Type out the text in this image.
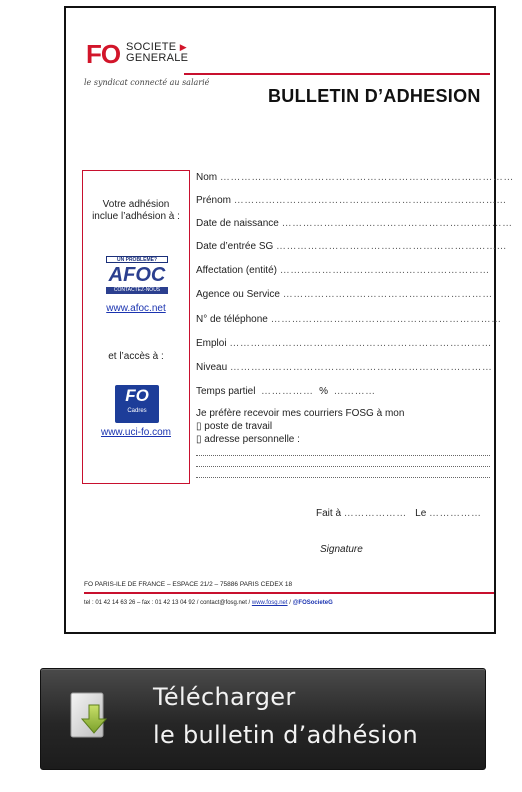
FO SOCIETE ▶
GENERALE
le syndicat connecté au salarié
BULLETIN D’ADHESION
Votre adhésion
inclue l’adhésion à :
UN PROBLEME?
AFOC
CONTACTEZ-NOUS
www.afoc.net
et l’accès à :
FO
Cadres
www.uci-fo.com
Nom …………………………………………………………………………
Prénom ……………………………………………………………………
Date de naissance …………………………………………………………
Date d’entrée SG …………………………………………………………
Affectation (entité) ……………………………………………………
Agence ou Service ……………………………………………………
N° de téléphone …………………………………………………………
Emploi …………………………………………………………………
Niveau …………………………………………………………………
Temps partiel …………… % …………
Je préfère recevoir mes courriers FOSG à mon
▯ poste de travail
▯ adresse personnelle :
Fait à ……………… Le ……………
Signature
FO PARIS-ILE DE FRANCE – ESPACE 21/2 – 75886 PARIS CEDEX 18
tel : 01 42 14 63 26 – fax : 01 42 13 04 92 / contact@fosg.net / www.fosg.net / @FOSocieteG
Télécharger
le bulletin d’adhésion
